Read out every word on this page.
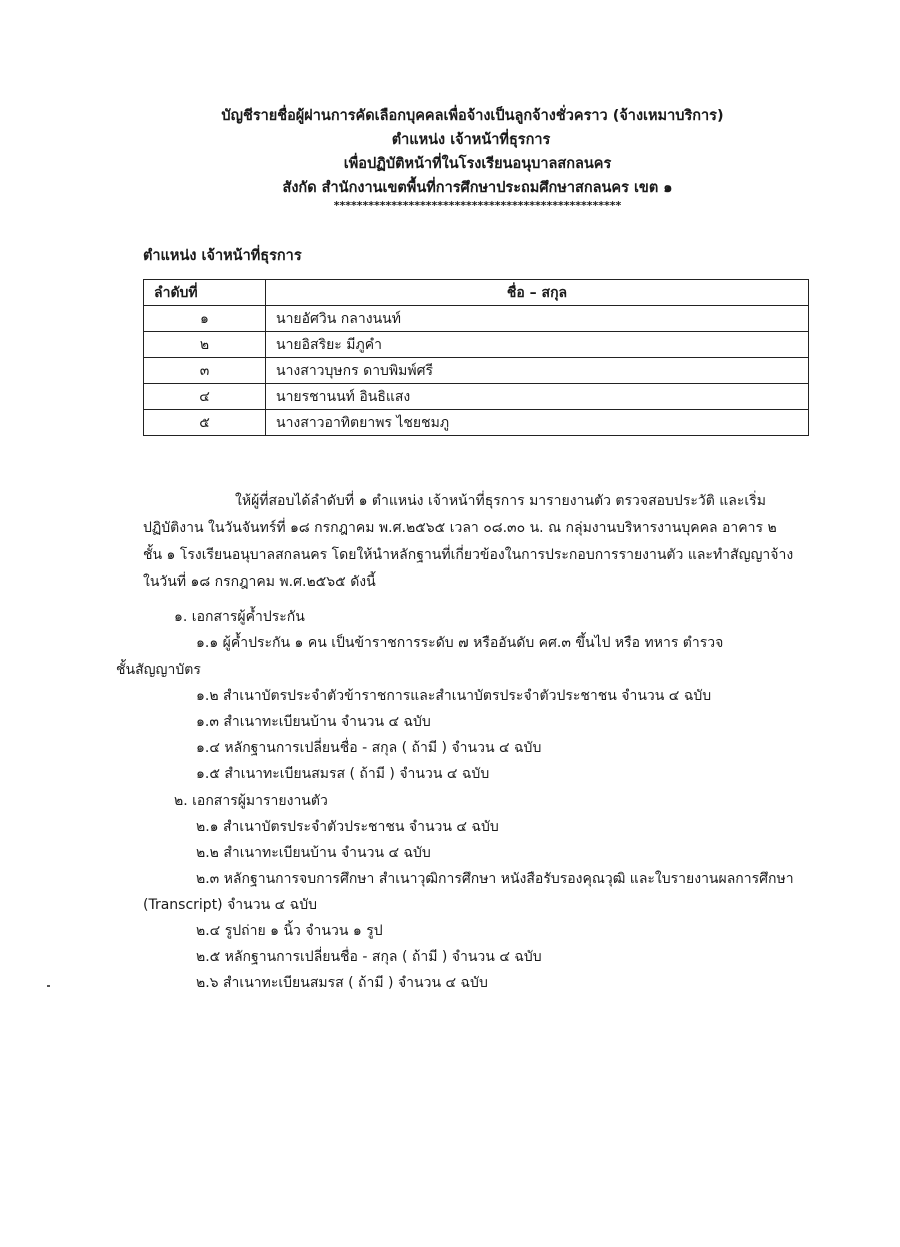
บัญชีรายชื่อผู้ผ่านการคัดเลือกบุคคลเพื่อจ้างเป็นลูกจ้างชั่วคราว (จ้างเหมาบริการ)
ตำแหน่ง เจ้าหน้าที่ธุรการ
เพื่อปฏิบัติหน้าที่ในโรงเรียนอนุบาลสกลนคร
สังกัด สำนักงานเขตพื้นที่การศึกษาประถมศึกษาสกลนคร เขต ๑
**************************************************
ตำแหน่ง เจ้าหน้าที่ธุรการ
ลำดับที่	ชื่อ – สกุล
๑	นายอัศวิน กลางนนท์
๒	นายอิสริยะ มีภูคำ
๓	นางสาวบุษกร ดาบพิมพ์ศรี
๔	นายรชานนท์ อินธิแสง
๕	นางสาวอาทิตยาพร ไชยชมภู
ให้ผู้ที่สอบได้ลำดับที่ ๑ ตำแหน่ง เจ้าหน้าที่ธุรการ มารายงานตัว ตรวจสอบประวัติ และเริ่ม
ปฏิบัติงาน ในวันจันทร์ที่ ๑๘ กรกฎาคม พ.ศ.๒๕๖๕ เวลา ๐๘.๓๐ น. ณ กลุ่มงานบริหารงานบุคคล อาคาร ๒
ชั้น ๑ โรงเรียนอนุบาลสกลนคร โดยให้นำหลักฐานที่เกี่ยวข้องในการประกอบการรายงานตัว และทำสัญญาจ้าง
ในวันที่ ๑๘ กรกฎาคม พ.ศ.๒๕๖๕ ดังนี้
๑. เอกสารผู้ค้ำประกัน
๑.๑ ผู้ค้ำประกัน ๑ คน เป็นข้าราชการระดับ ๗ หรืออันดับ คศ.๓ ขึ้นไป หรือ ทหาร ตำรวจ
ชั้นสัญญาบัตร
๑.๒ สำเนาบัตรประจำตัวข้าราชการและสำเนาบัตรประจำตัวประชาชน จำนวน ๔ ฉบับ
๑.๓ สำเนาทะเบียนบ้าน จำนวน ๔ ฉบับ
๑.๔ หลักฐานการเปลี่ยนชื่อ - สกุล ( ถ้ามี ) จำนวน ๔ ฉบับ
๑.๕ สำเนาทะเบียนสมรส ( ถ้ามี ) จำนวน ๔ ฉบับ
๒. เอกสารผู้มารายงานตัว
๒.๑ สำเนาบัตรประจำตัวประชาชน จำนวน ๔ ฉบับ
๒.๒ สำเนาทะเบียนบ้าน จำนวน ๔ ฉบับ
๒.๓ หลักฐานการจบการศึกษา สำเนาวุฒิการศึกษา หนังสือรับรองคุณวุฒิ และใบรายงานผลการศึกษา
(Transcript) จำนวน ๔ ฉบับ
๒.๔ รูปถ่าย ๑ นิ้ว จำนวน ๑ รูป
๒.๕ หลักฐานการเปลี่ยนชื่อ - สกุล ( ถ้ามี ) จำนวน ๔ ฉบับ
๒.๖ สำเนาทะเบียนสมรส ( ถ้ามี ) จำนวน ๔ ฉบับ
